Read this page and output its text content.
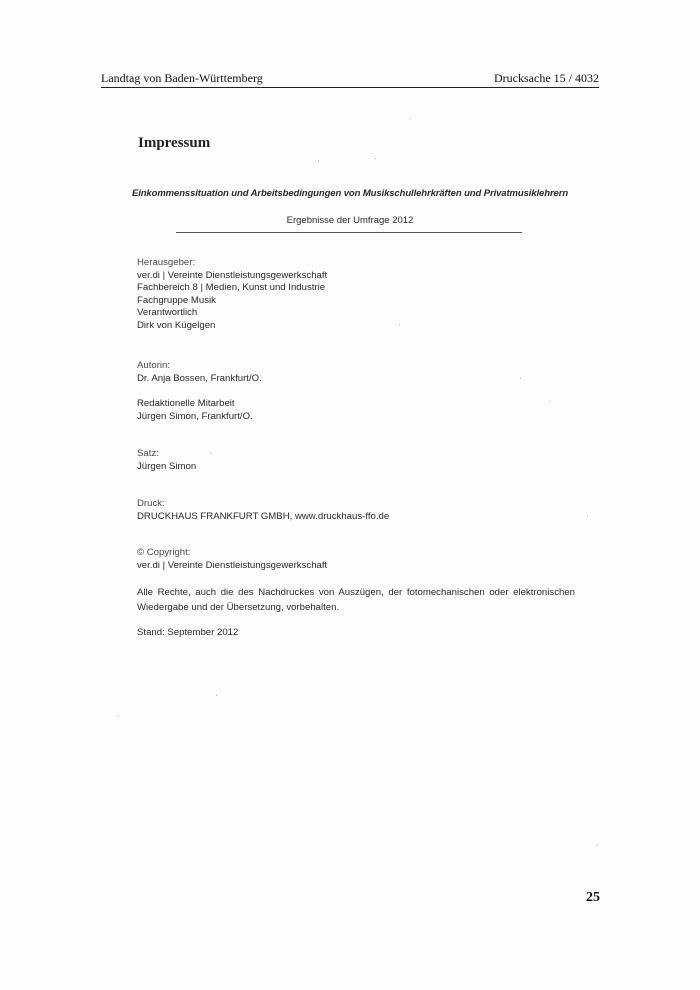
Landtag von Baden-Württemberg	Drucksache 15 / 4032
Impressum
Einkommenssituation und Arbeitsbedingungen von Musikschullehrkräften und Privatmusiklehrern
Ergebnisse der Umfrage 2012
Herausgeber:
ver.di | Vereinte Dienstleistungsgewerkschaft
Fachbereich 8 | Medien, Kunst und Industrie
Fachgruppe Musik
Verantwortlich
Dirk von Kügelgen
Autorin:
Dr. Anja Bossen, Frankfurt/O.
Redaktionelle Mitarbeit
Jürgen Simon, Frankfurt/O.
Satz:
Jürgen Simon
Druck:
DRUCKHAUS FRANKFURT GMBH, www.druckhaus-ffo.de
© Copyright:
ver.di | Vereinte Dienstleistungsgewerkschaft
Alle Rechte, auch die des Nachdruckes von Auszügen, der fotomechanischen oder elektronischen Wiedergabe und der Übersetzung, vorbehalten.
Stand: September 2012
25
